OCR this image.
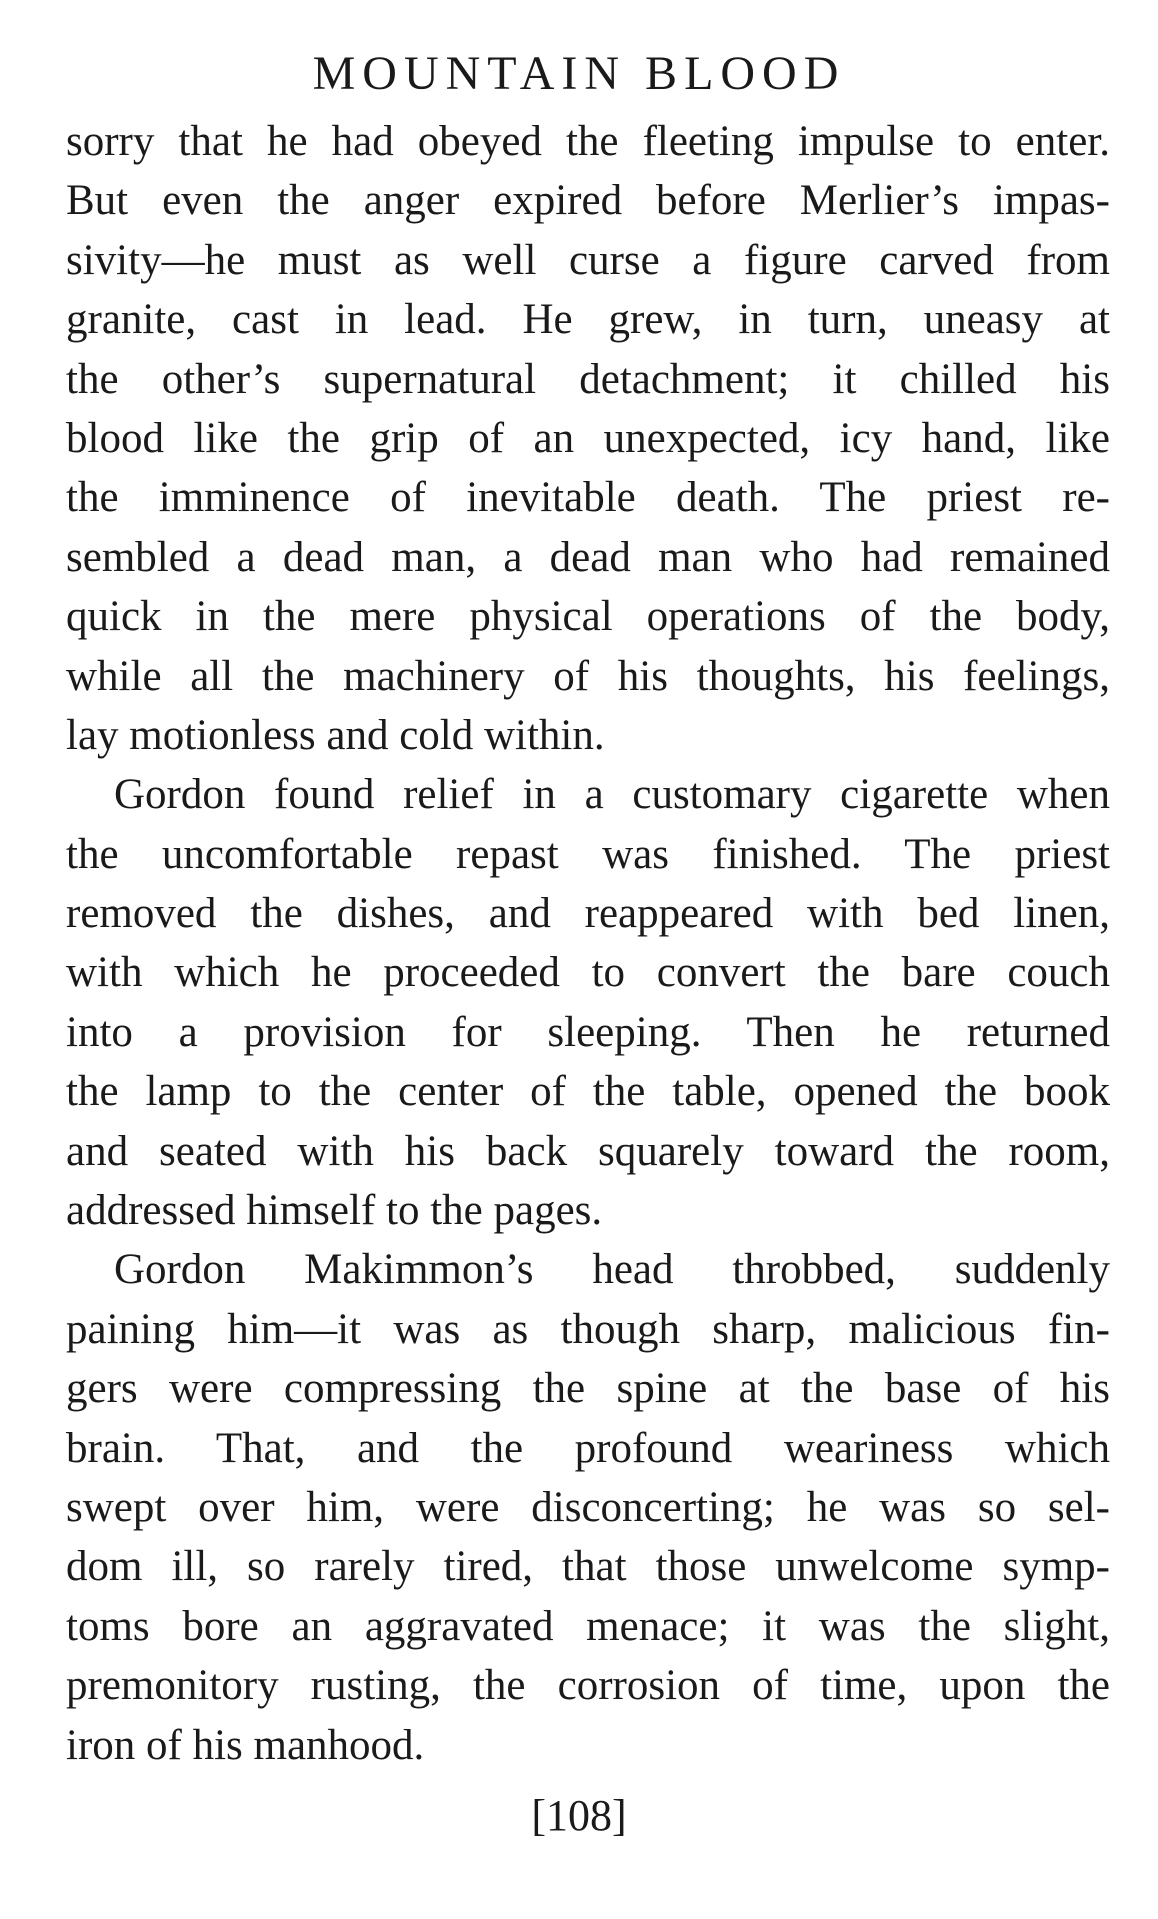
MOUNTAIN BLOOD
sorry that he had obeyed the fleeting impulse to enter.
But even the anger expired before Merlier’s impas-
sivity—he must as well curse a figure carved from
granite, cast in lead. He grew, in turn, uneasy at
the other’s supernatural detachment; it chilled his
blood like the grip of an unexpected, icy hand, like
the imminence of inevitable death. The priest re-
sembled a dead man, a dead man who had remained
quick in the mere physical operations of the body,
while all the machinery of his thoughts, his feelings,
lay motionless and cold within.
Gordon found relief in a customary cigarette when
the uncomfortable repast was finished. The priest
removed the dishes, and reappeared with bed linen,
with which he proceeded to convert the bare couch
into a provision for sleeping. Then he returned
the lamp to the center of the table, opened the book
and seated with his back squarely toward the room,
addressed himself to the pages.
Gordon Makimmon’s head throbbed, suddenly
paining him—it was as though sharp, malicious fin-
gers were compressing the spine at the base of his
brain. That, and the profound weariness which
swept over him, were disconcerting; he was so sel-
dom ill, so rarely tired, that those unwelcome symp-
toms bore an aggravated menace; it was the slight,
premonitory rusting, the corrosion of time, upon the
iron of his manhood.
[108]
